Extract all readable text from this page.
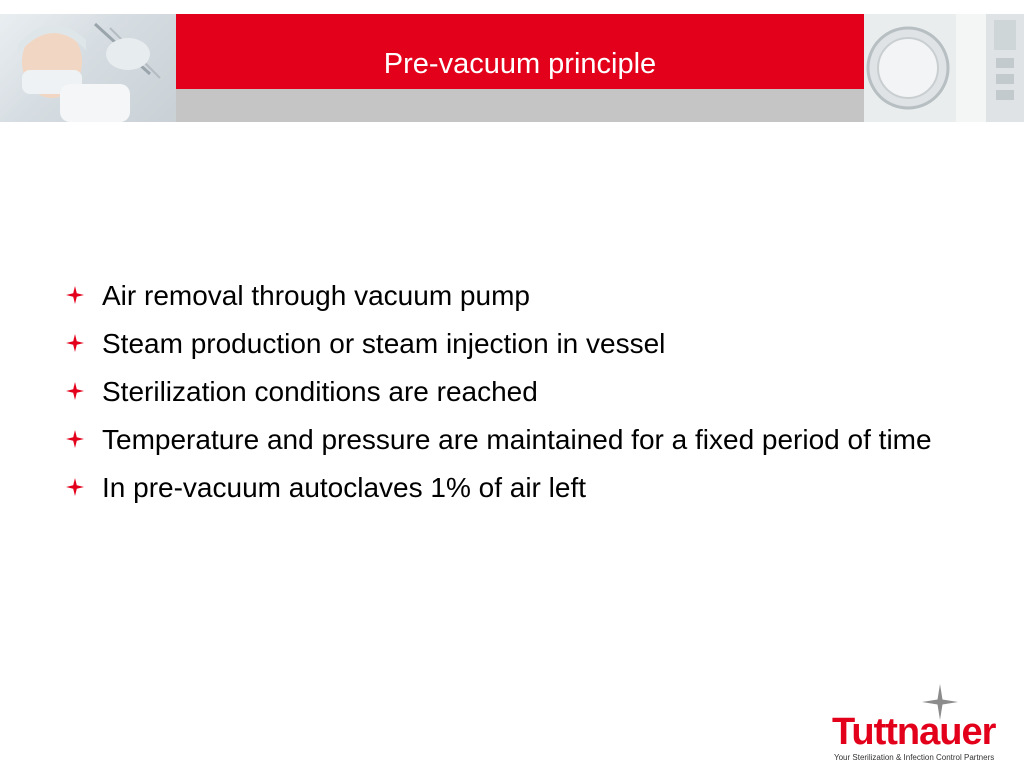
Pre-vacuum principle
Air removal through vacuum pump
Steam production or steam injection in vessel
Sterilization conditions are reached
Temperature and pressure are maintained for a fixed period of time
In pre-vacuum autoclaves 1% of air left
Tuttnauer
Your Sterilization & Infection Control Partners
